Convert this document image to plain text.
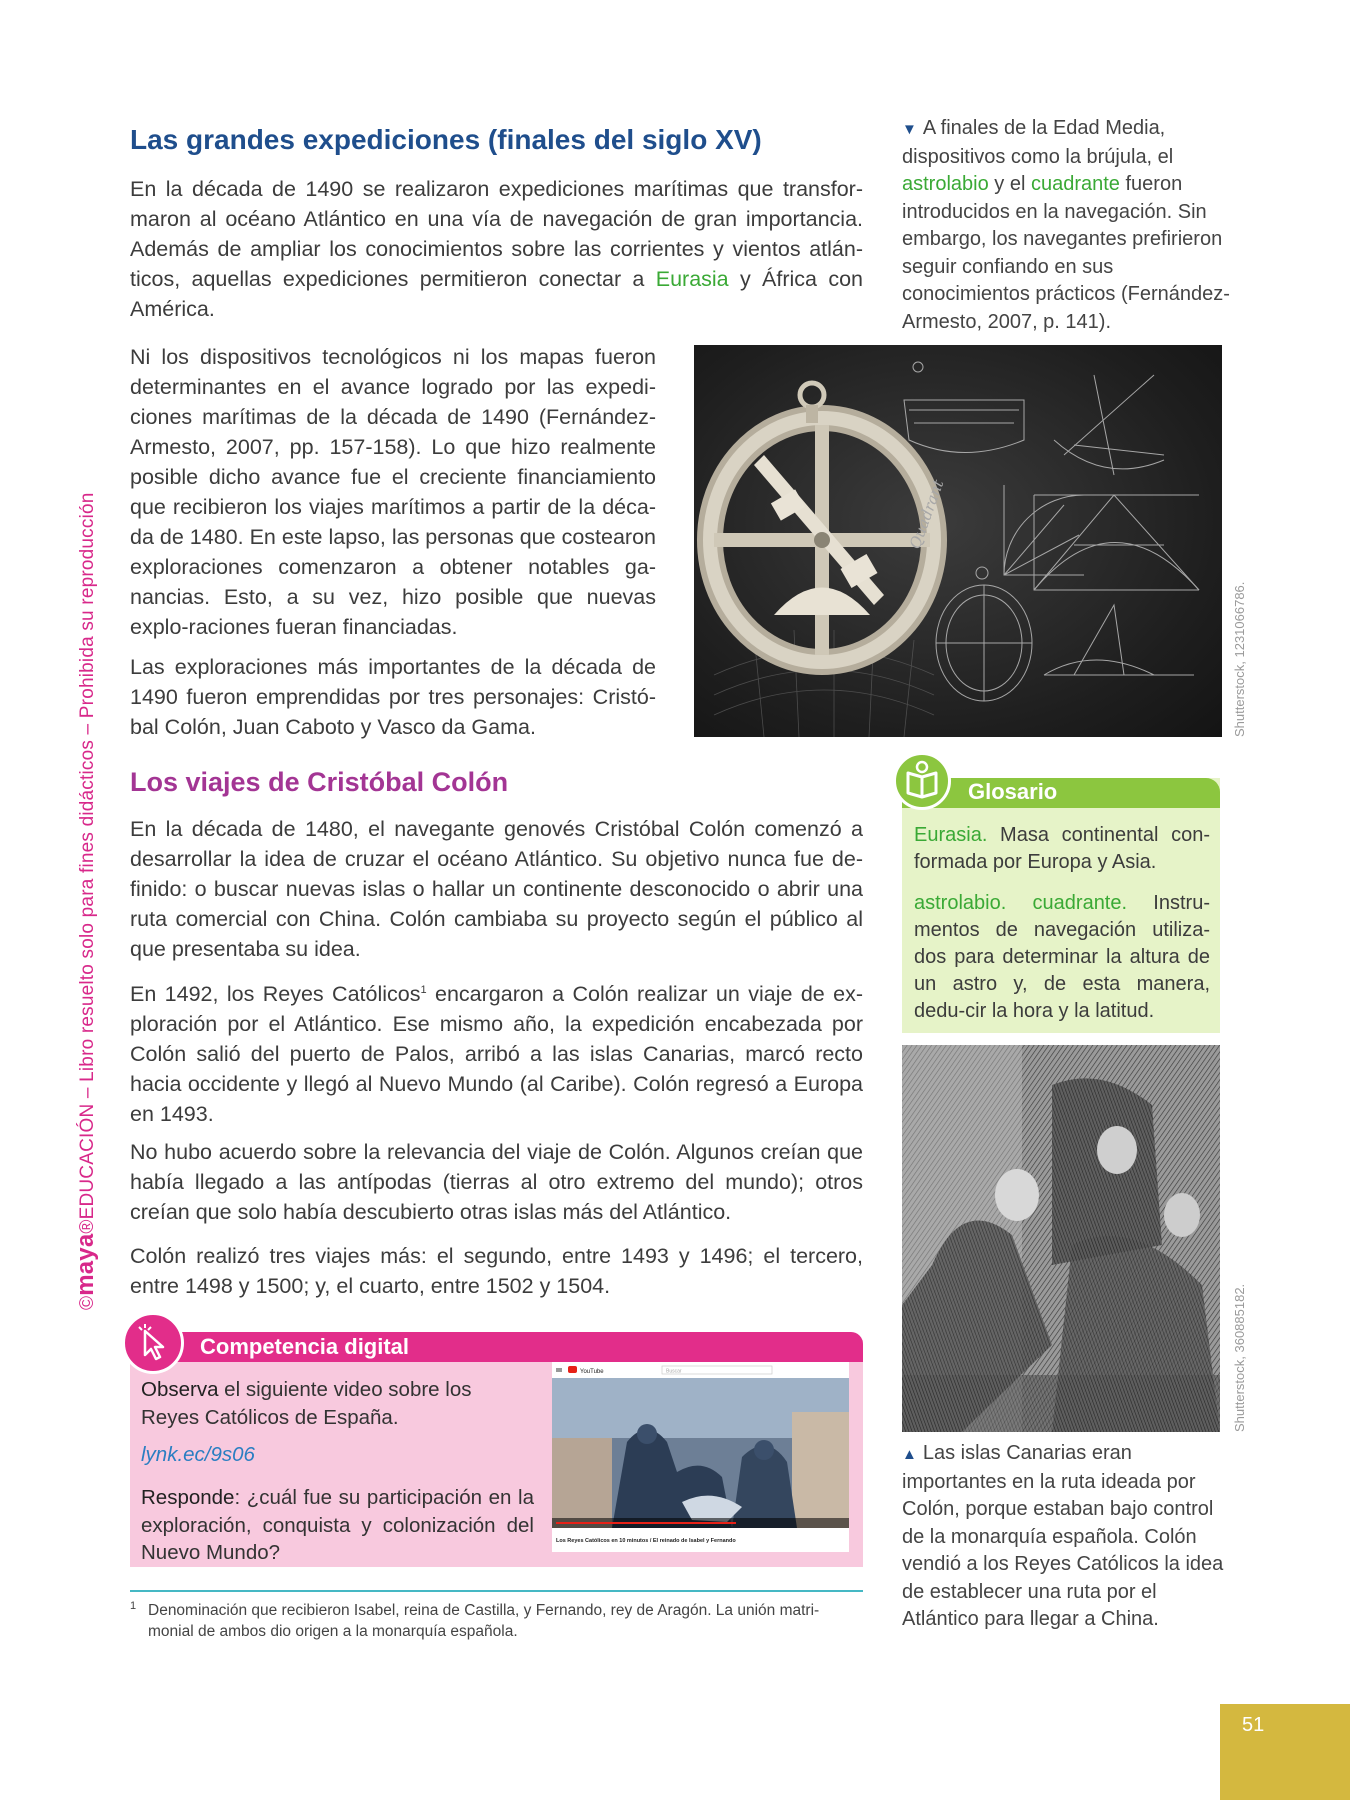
©maya®EDUCACIÓN – Libro resuelto solo para fines didácticos – Prohibida su reproducción
Las grandes expediciones (finales del siglo XV)

En la década de 1490 se realizaron expediciones marítimas que transfor-maron al océano Atlántico en una vía de navegación de gran importancia. Además de ampliar los conocimientos sobre las corrientes y vientos atlán-ticos, aquellas expediciones permitieron conectar a Eurasia y África con América.

Ni los dispositivos tecnológicos ni los mapas fueron determinantes en el avance logrado por las expedi-ciones marítimas de la década de 1490 (Fernández-Armesto, 2007, pp. 157-158). Lo que hizo realmente posible dicho avance fue el creciente financiamiento que recibieron los viajes marítimos a partir de la déca-da de 1480. En este lapso, las personas que costearon exploraciones comenzaron a obtener notables ga-nancias. Esto, a su vez, hizo posible que nuevas explo-raciones fueran financiadas.

Las exploraciones más importantes de la década de 1490 fueron emprendidas por tres personajes: Cristó-bal Colón, Juan Caboto y Vasco da Gama.

▼ A finales de la Edad Media, dispositivos como la brújula, el astrolabio y el cuadrante fueron introducidos en la navegación. Sin embargo, los navegantes prefirieron seguir confiando en sus conocimientos prácticos (Fernández-Armesto, 2007, p. 141).

Quadrant
Shutterstock, 1231066786.
Los viajes de Cristóbal Colón

En la década de 1480, el navegante genovés Cristóbal Colón comenzó a desarrollar la idea de cruzar el océano Atlántico. Su objetivo nunca fue de-finido: o buscar nuevas islas o hallar un continente desconocido o abrir una ruta comercial con China. Colón cambiaba su proyecto según el público al que presentaba su idea.

En 1492, los Reyes Católicos$^1$ encargaron a Colón realizar un viaje de ex-ploración por el Atlántico. Ese mismo año, la expedición encabezada por Colón salió del puerto de Palos, arribó a las islas Canarias, marcó recto hacia occidente y llegó al Nuevo Mundo (al Caribe). Colón regresó a Europa en 1493.

No hubo acuerdo sobre la relevancia del viaje de Colón. Algunos creían que había llegado a las antípodas (tierras al otro extremo del mundo); otros creían que solo había descubierto otras islas más del Atlántico.

Colón realizó tres viajes más: el segundo, entre 1493 y 1496; el tercero, entre 1498 y 1500; y, el cuarto, entre 1502 y 1504.

Glosario

Eurasia. Masa continental con-formada por Europa y Asia.

astrolabio. cuadrante. Instru-mentos de navegación utiliza-dos para determinar la altura de un astro y, de esta manera, dedu-cir la hora y la latitud.

Shutterstock, 360885182.

▲ Las islas Canarias eran importantes en la ruta ideada por Colón, porque estaban bajo control de la monarquía española. Colón vendió a los Reyes Católicos la idea de establecer una ruta por el Atlántico para llegar a China.

Competencia digital

Observa el siguiente video sobre los Reyes Católicos de España.

lynk.ec/9s06

Responde: ¿cuál fue su participación en la exploración, conquista y colonización del Nuevo Mundo?

YouTube	Buscar
Los Reyes Católicos en 10 minutos / El reinado de Isabel y Fernando
1 Denominación que recibieron Isabel, reina de Castilla, y Fernando, rey de Aragón. La unión matri-monial de ambos dio origen a la monarquía española.

51
